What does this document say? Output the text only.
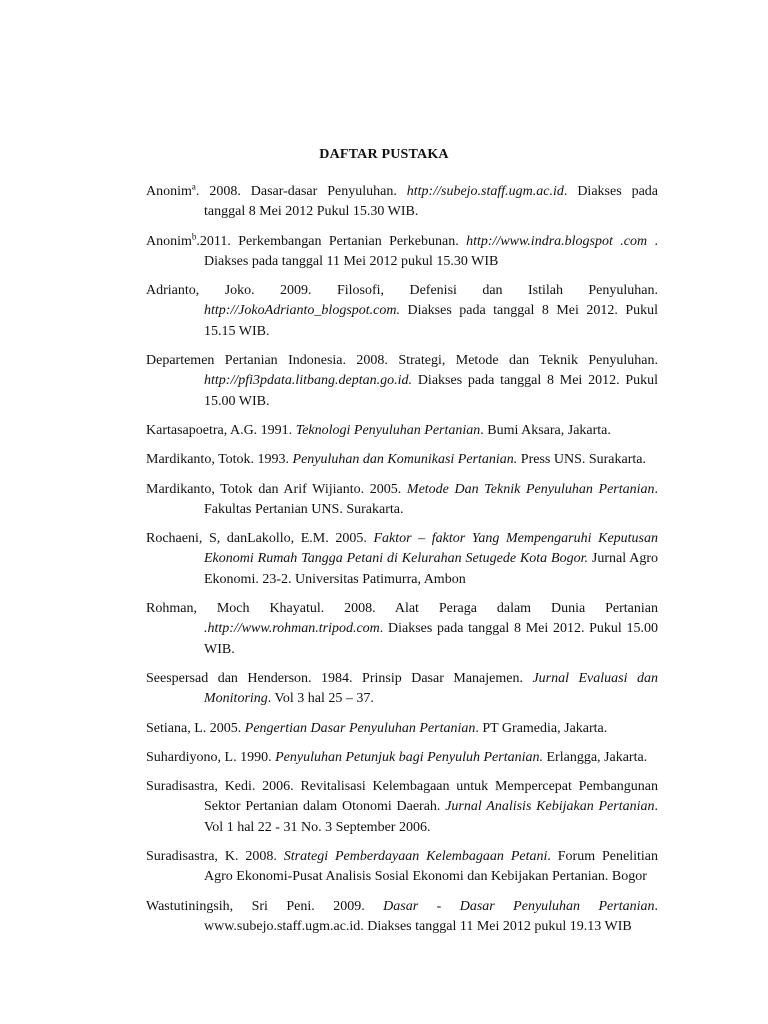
DAFTAR PUSTAKA

Anonim$^a$. 2008. Dasar-dasar Penyuluhan. http://subejo.staff.ugm.ac.id. Diakses pada tanggal 8 Mei 2012 Pukul 15.30 WIB.

Anonim$^b$.2011. Perkembangan Pertanian Perkebunan. http://www.indra.blogspot .com . Diakses pada tanggal 11 Mei 2012 pukul 15.30 WIB

Adrianto, Joko. 2009. Filosofi, Defenisi dan Istilah Penyuluhan. http://JokoAdrianto_blogspot.com. Diakses pada tanggal 8 Mei 2012. Pukul 15.15 WIB.

Departemen Pertanian Indonesia. 2008. Strategi, Metode dan Teknik Penyuluhan. http://pfi3pdata.litbang.deptan.go.id. Diakses pada tanggal 8 Mei 2012. Pukul 15.00 WIB.

Kartasapoetra, A.G. 1991. Teknologi Penyuluhan Pertanian. Bumi Aksara, Jakarta.

Mardikanto, Totok. 1993. Penyuluhan dan Komunikasi Pertanian. Press UNS. Surakarta.

Mardikanto, Totok dan Arif Wijianto. 2005. Metode Dan Teknik Penyuluhan Pertanian. Fakultas Pertanian UNS. Surakarta.

Rochaeni, S, danLakollo, E.M. 2005. Faktor – faktor Yang Mempengaruhi Keputusan Ekonomi Rumah Tangga Petani di Kelurahan Setugede Kota Bogor. Jurnal Agro Ekonomi. 23-2. Universitas Patimurra, Ambon

Rohman, Moch Khayatul. 2008. Alat Peraga dalam Dunia Pertanian .http://www.rohman.tripod.com. Diakses pada tanggal 8 Mei 2012. Pukul 15.00 WIB.

Seespersad dan Henderson. 1984. Prinsip Dasar Manajemen. Jurnal Evaluasi dan Monitoring. Vol 3 hal 25 – 37.

Setiana, L. 2005. Pengertian Dasar Penyuluhan Pertanian. PT Gramedia, Jakarta.

Suhardiyono, L. 1990. Penyuluhan Petunjuk bagi Penyuluh Pertanian. Erlangga, Jakarta.

Suradisastra, Kedi. 2006. Revitalisasi Kelembagaan untuk Mempercepat Pembangunan Sektor Pertanian dalam Otonomi Daerah. Jurnal Analisis Kebijakan Pertanian. Vol 1 hal 22 - 31 No. 3 September 2006.

Suradisastra, K. 2008. Strategi Pemberdayaan Kelembagaan Petani. Forum Penelitian Agro Ekonomi-Pusat Analisis Sosial Ekonomi dan Kebijakan Pertanian. Bogor

Wastutiningsih, Sri Peni. 2009. Dasar - Dasar Penyuluhan Pertanian. www.subejo.staff.ugm.ac.id. Diakses tanggal 11 Mei 2012 pukul 19.13 WIB
